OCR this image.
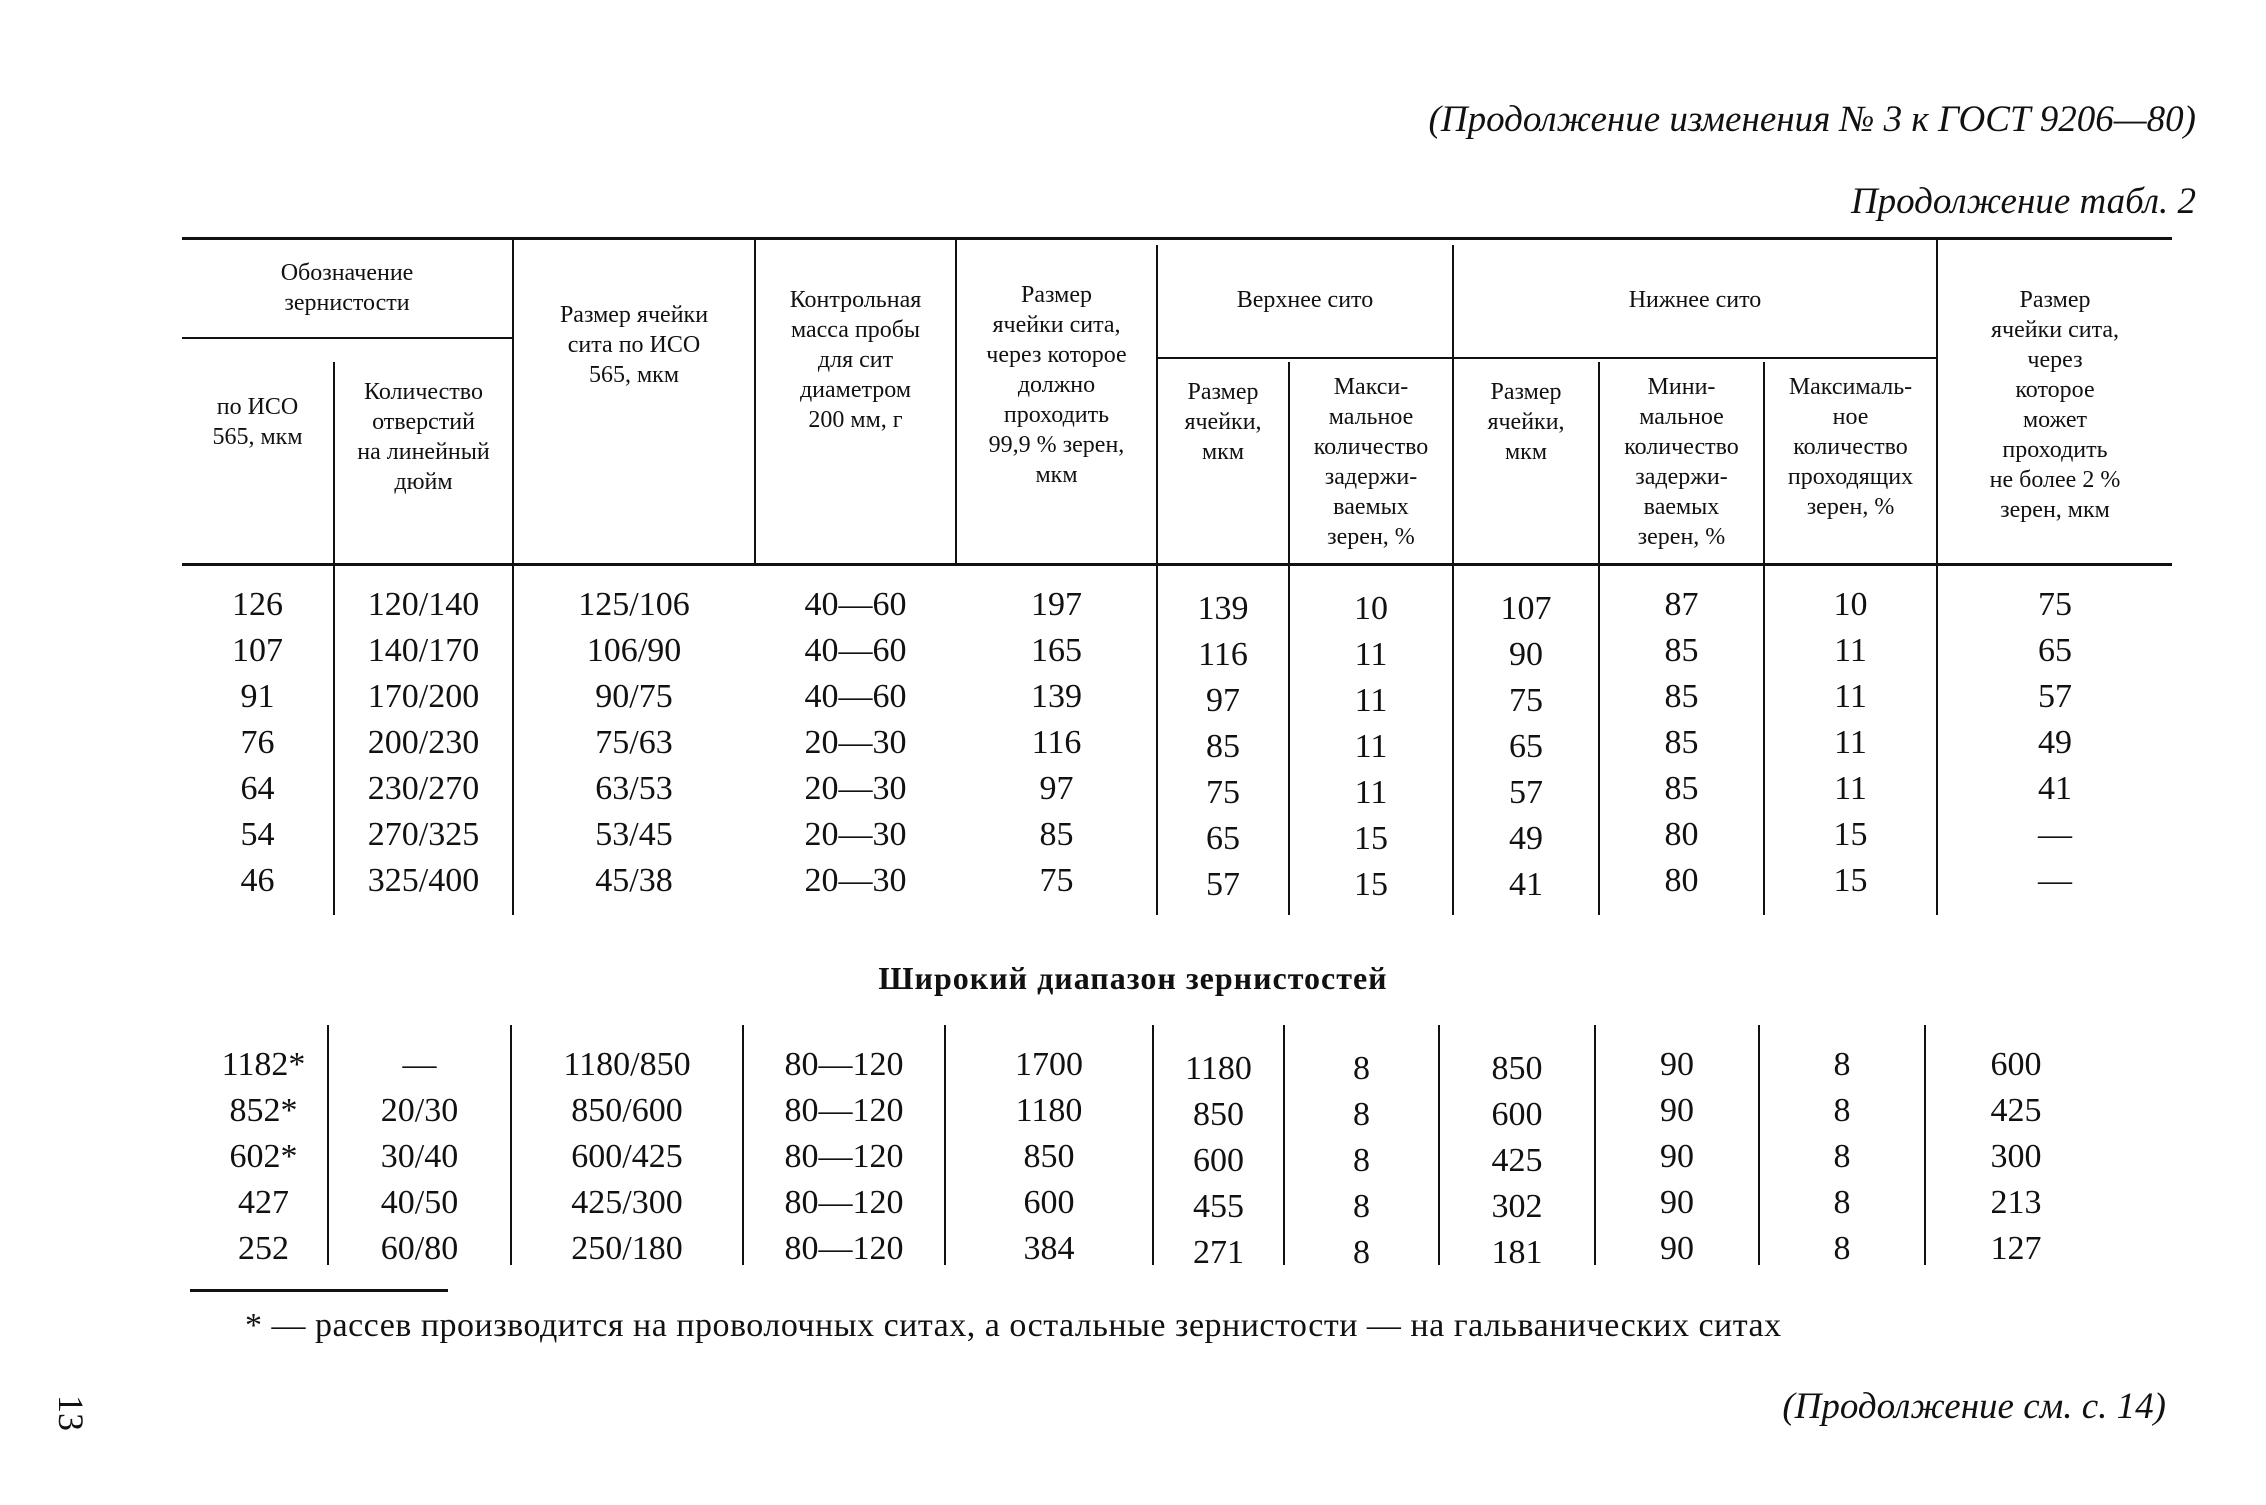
(Продолжение изменения № 3 к ГОСТ 9206—80)
Продолжение табл. 2
Обозначение
зернистости
по ИСО
565, мкм
Количество
отверстий
на линейный
дюйм
Размер ячейки
сита по ИСО
565, мкм
Контрольная
масса пробы
для сит
диаметром
200 мм, г
Размер
ячейки сита,
через которое
должно
проходить
99,9 % зерен,
мкм
Верхнее сито
Размер
ячейки,
мкм
Макси-
мальное
количество
задержи-
ваемых
зерен, %
Нижнее сито
Размер
ячейки,
мкм
Мини-
мальное
количество
задержи-
ваемых
зерен, %
Максималь-
ное
количество
проходящих
зерен, %
Размер
ячейки сита,
через
которое
может
проходить
не более 2 %
зерен, мкм
126
107
91
76
64
54
46
120/140
140/170
170/200
200/230
230/270
270/325
325/400
125/106
106/90
90/75
75/63
63/53
53/45
45/38
40—60
40—60
40—60
20—30
20—30
20—30
20—30
197
165
139
116
97
85
75
139
116
97
85
75
65
57
10
11
11
11
11
15
15
107
90
75
65
57
49
41
87
85
85
85
85
80
80
10
11
11
11
11
15
15
75
65
57
49
41
—
—
Широкий диапазон зернистостей
1182*
852*
602*
427
252
—
20/30
30/40
40/50
60/80
1180/850
850/600
600/425
425/300
250/180
80—120
80—120
80—120
80—120
80—120
1700
1180
850
600
384
1180
850
600
455
271
8
8
8
8
8
850
600
425
302
181
90
90
90
90
90
8
8
8
8
8
600
425
300
213
127
* — рассев производится на проволочных ситах, а остальные зернистости — на гальванических ситах
(Продолжение см. с. 14)
13
